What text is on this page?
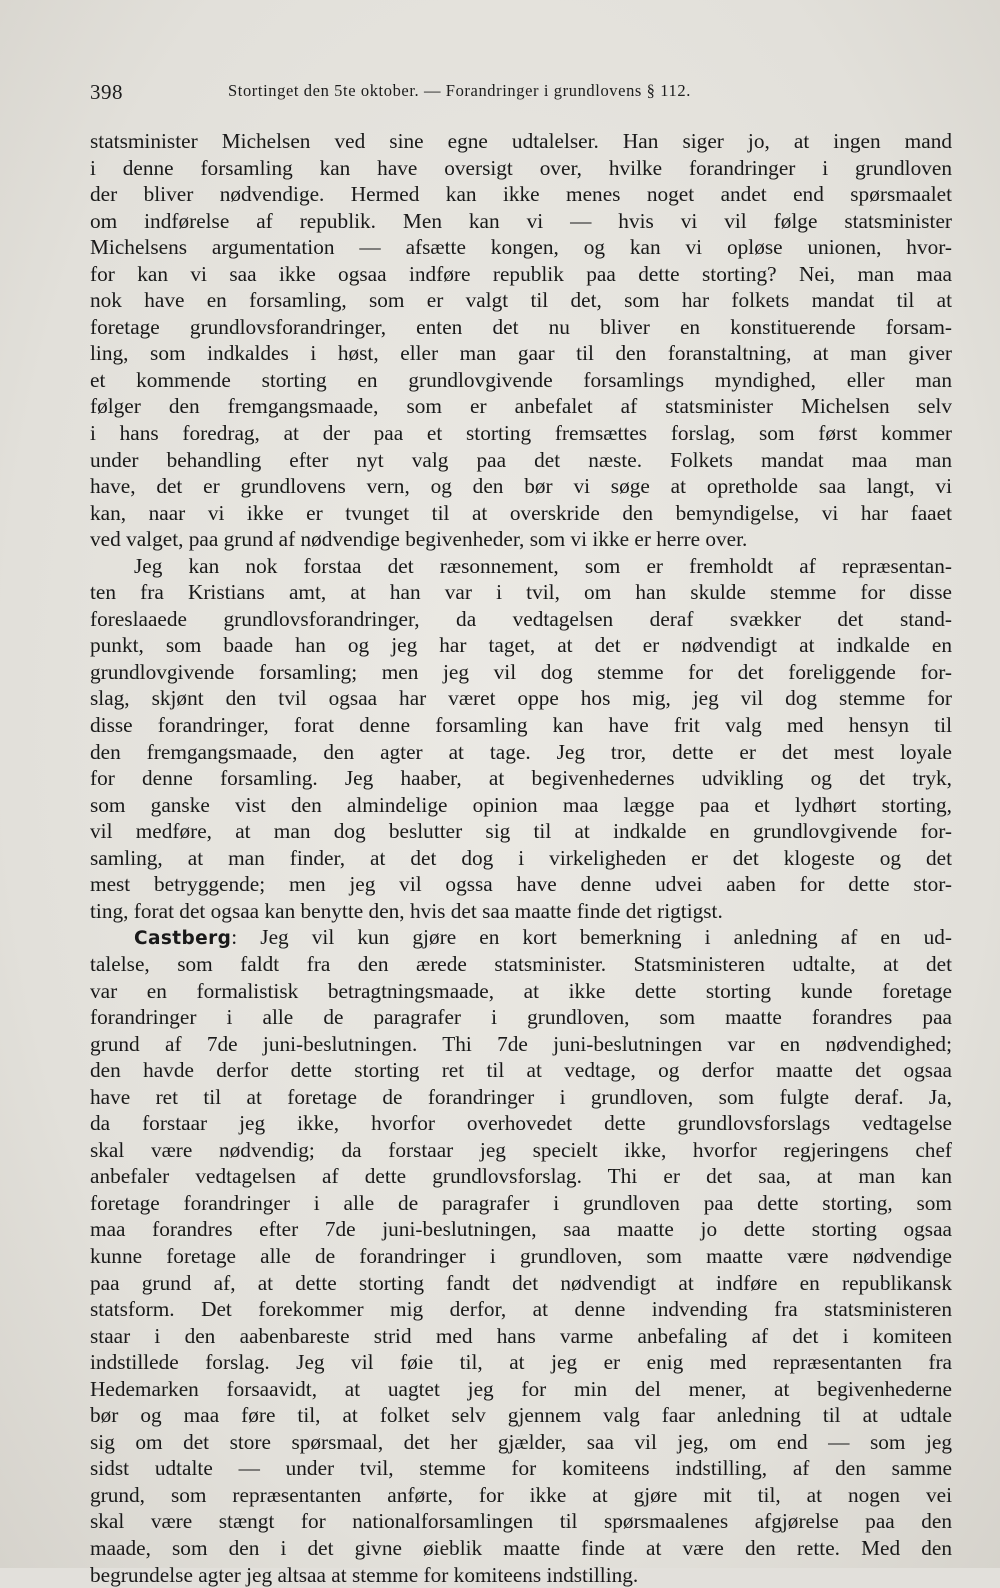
398	Stortinget den 5te oktober. — Forandringer i grundlovens § 112.
statsminister Michelsen ved sine egne udtalelser. Han siger jo, at ingen mand
i denne forsamling kan have oversigt over, hvilke forandringer i grundloven
der bliver nødvendige. Hermed kan ikke menes noget andet end spørsmaalet
om indførelse af republik. Men kan vi — hvis vi vil følge statsminister
Michelsens argumentation — afsætte kongen, og kan vi opløse unionen, hvor-
for kan vi saa ikke ogsaa indføre republik paa dette storting? Nei, man maa
nok have en forsamling, som er valgt til det, som har folkets mandat til at
foretage grundlovsforandringer, enten det nu bliver en konstituerende forsam-
ling, som indkaldes i høst, eller man gaar til den foranstaltning, at man giver
et kommende storting en grundlovgivende forsamlings myndighed, eller man
følger den fremgangsmaade, som er anbefalet af statsminister Michelsen selv
i hans foredrag, at der paa et storting fremsættes forslag, som først kommer
under behandling efter nyt valg paa det næste. Folkets mandat maa man
have, det er grundlovens vern, og den bør vi søge at opretholde saa langt, vi
kan, naar vi ikke er tvunget til at overskride den bemyndigelse, vi har faaet
ved valget, paa grund af nødvendige begivenheder, som vi ikke er herre over.
Jeg kan nok forstaa det ræsonnement, som er fremholdt af repræsentan-
ten fra Kristians amt, at han var i tvil, om han skulde stemme for disse
foreslaaede grundlovsforandringer, da vedtagelsen deraf svækker det stand-
punkt, som baade han og jeg har taget, at det er nødvendigt at indkalde en
grundlovgivende forsamling; men jeg vil dog stemme for det foreliggende for-
slag, skjønt den tvil ogsaa har været oppe hos mig, jeg vil dog stemme for
disse forandringer, forat denne forsamling kan have frit valg med hensyn til
den fremgangsmaade, den agter at tage. Jeg tror, dette er det mest loyale
for denne forsamling. Jeg haaber, at begivenhedernes udvikling og det tryk,
som ganske vist den almindelige opinion maa lægge paa et lydhørt storting,
vil medføre, at man dog beslutter sig til at indkalde en grundlovgivende for-
samling, at man finder, at det dog i virkeligheden er det klogeste og det
mest betryggende; men jeg vil ogssa have denne udvei aaben for dette stor-
ting, forat det ogsaa kan benytte den, hvis det saa maatte finde det rigtigst.
Castberg: Jeg vil kun gjøre en kort bemerkning i anledning af en ud-
talelse, som faldt fra den ærede statsminister. Statsministeren udtalte, at det
var en formalistisk betragtningsmaade, at ikke dette storting kunde foretage
forandringer i alle de paragrafer i grundloven, som maatte forandres paa
grund af 7de juni-beslutningen. Thi 7de juni-beslutningen var en nødvendighed;
den havde derfor dette storting ret til at vedtage, og derfor maatte det ogsaa
have ret til at foretage de forandringer i grundloven, som fulgte deraf. Ja,
da forstaar jeg ikke, hvorfor overhovedet dette grundlovsforslags vedtagelse
skal være nødvendig; da forstaar jeg specielt ikke, hvorfor regjeringens chef
anbefaler vedtagelsen af dette grundlovsforslag. Thi er det saa, at man kan
foretage forandringer i alle de paragrafer i grundloven paa dette storting, som
maa forandres efter 7de juni-beslutningen, saa maatte jo dette storting ogsaa
kunne foretage alle de forandringer i grundloven, som maatte være nødvendige
paa grund af, at dette storting fandt det nødvendigt at indføre en republikansk
statsform. Det forekommer mig derfor, at denne indvending fra statsministeren
staar i den aabenbareste strid med hans varme anbefaling af det i komiteen
indstillede forslag. Jeg vil føie til, at jeg er enig med repræsentanten fra
Hedemarken forsaavidt, at uagtet jeg for min del mener, at begivenhederne
bør og maa føre til, at folket selv gjennem valg faar anledning til at udtale
sig om det store spørsmaal, det her gjælder, saa vil jeg, om end — som jeg
sidst udtalte — under tvil, stemme for komiteens indstilling, af den samme
grund, som repræsentanten anførte, for ikke at gjøre mit til, at nogen vei
skal være stængt for nationalforsamlingen til spørsmaalenes afgjørelse paa den
maade, som den i det givne øieblik maatte finde at være den rette. Med den
begrundelse agter jeg altsaa at stemme for komiteens indstilling.
